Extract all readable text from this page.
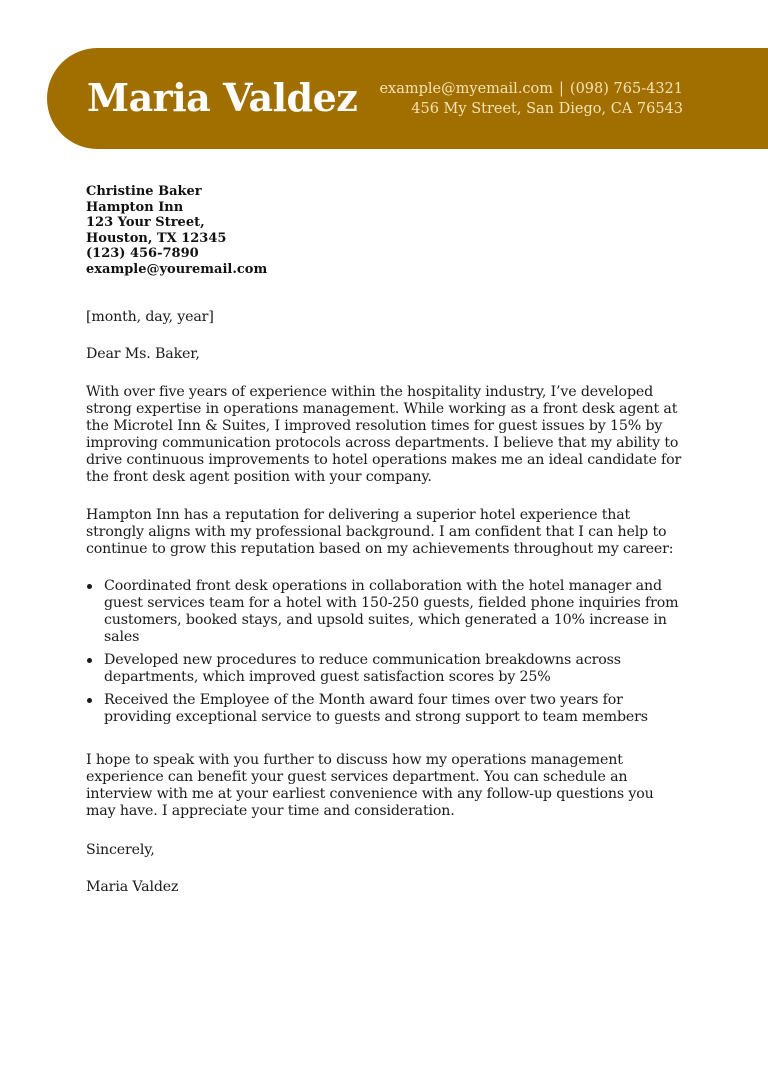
Maria Valdez example@myemail.com | (098) 765-4321
456 My Street, San Diego, CA 76543
Christine Baker
Hampton Inn
123 Your Street,
Houston, TX 12345
(123) 456-7890
example@youremail.com
[month, day, year]
Dear Ms. Baker,
With over five years of experience within the hospitality industry, I’ve developed strong expertise in operations management. While working as a front desk agent at the Microtel Inn & Suites, I improved resolution times for guest issues by 15% by improving communication protocols across departments. I believe that my ability to drive continuous improvements to hotel operations makes me an ideal candidate for the front desk agent position with your company.
Hampton Inn has a reputation for delivering a superior hotel experience that strongly aligns with my professional background. I am confident that I can help to continue to grow this reputation based on my achievements throughout my career:
Coordinated front desk operations in collaboration with the hotel manager and guest services team for a hotel with 150-250 guests, fielded phone inquiries from customers, booked stays, and upsold suites, which generated a 10% increase in sales
Developed new procedures to reduce communication breakdowns across departments, which improved guest satisfaction scores by 25%
Received the Employee of the Month award four times over two years for providing exceptional service to guests and strong support to team members
I hope to speak with you further to discuss how my operations management experience can benefit your guest services department. You can schedule an interview with me at your earliest convenience with any follow-up questions you may have. I appreciate your time and consideration.
Sincerely,
Maria Valdez
